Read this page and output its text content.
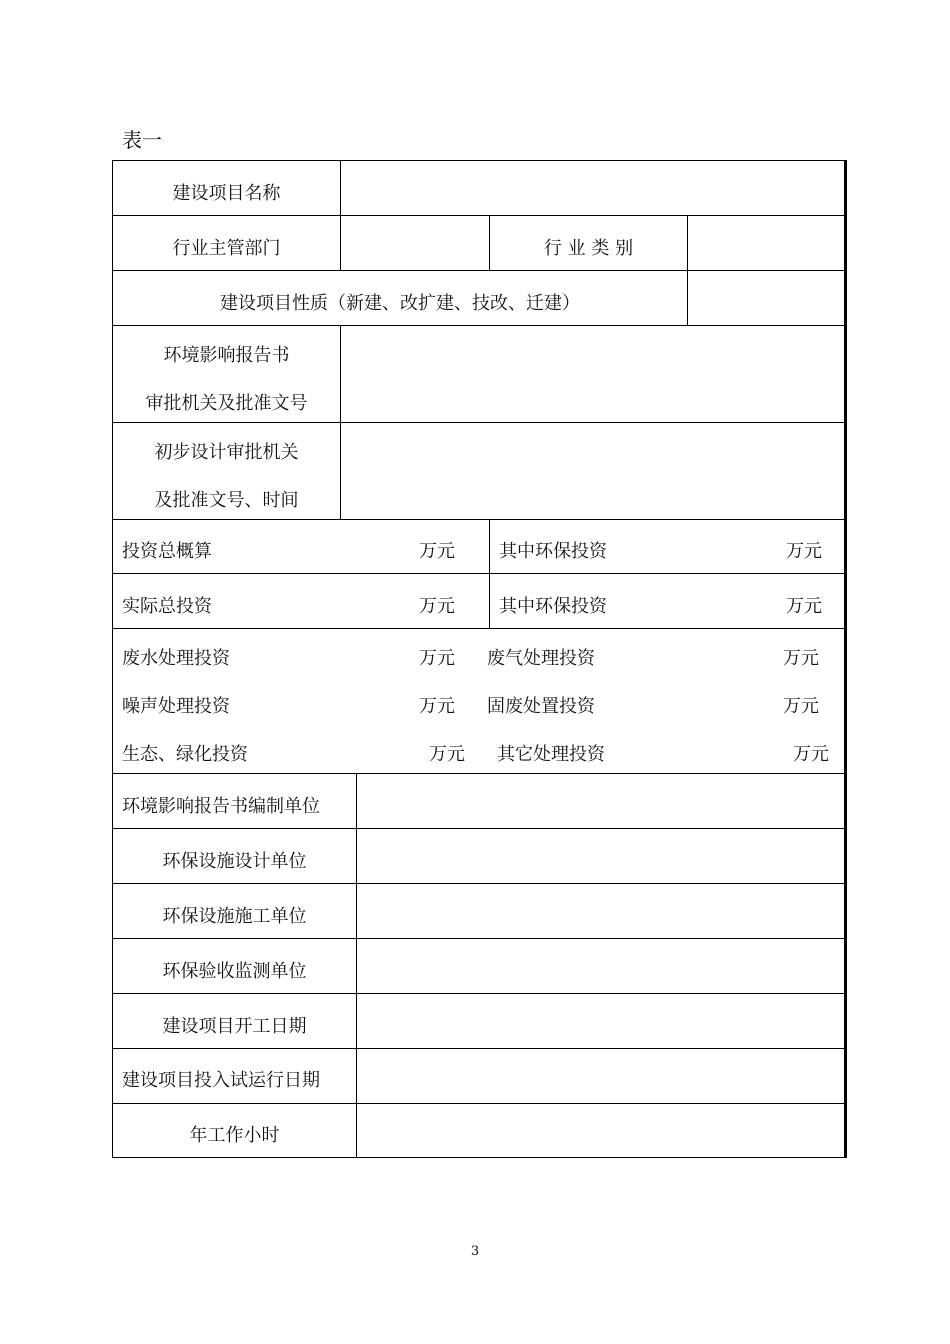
表一
建设项目名称
行业主管部门	行 业 类 别
建设项目性质（新建、改扩建、技改、迁建）
环境影响报告书
审批机关及批准文号
初步设计审批机关
及批准文号、时间
投资总概算	万元 其中环保投资	万元
实际总投资	万元 其中环保投资	万元
废水处理投资	万元 废气处理投资	万元
噪声处理投资	万元 固废处置投资	万元
生态、绿化投资	万元 其它处理投资	万元
环境影响报告书编制单位
环保设施设计单位
环保设施施工单位
环保验收监测单位
建设项目开工日期
建设项目投入试运行日期
年工作小时
3
